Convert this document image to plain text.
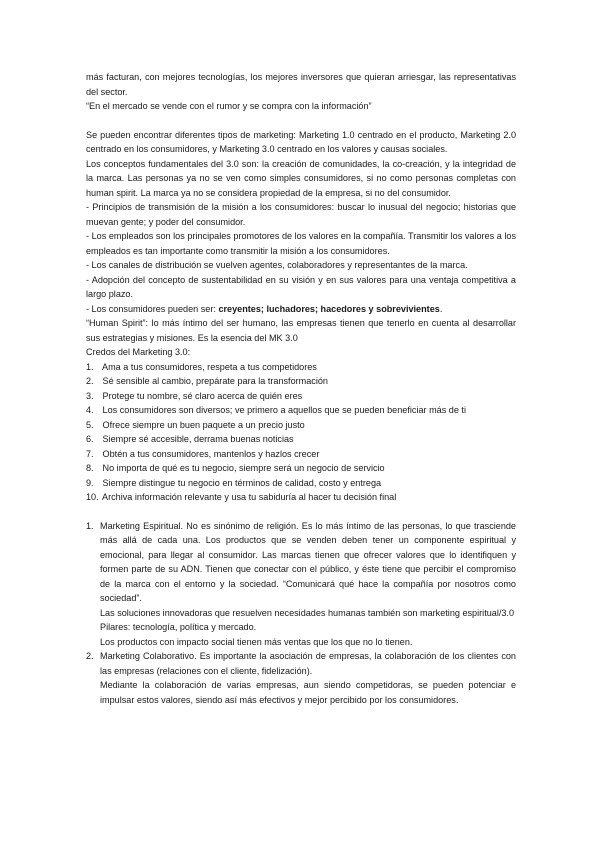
más facturan, con mejores tecnologías, los mejores inversores que quieran arriesgar, las representativas del sector.

“En el mercado se vende con el rumor y se compra con la información”

Se pueden encontrar diferentes tipos de marketing: Marketing 1.0 centrado en el producto, Marketing 2.0 centrado en los consumidores, y Marketing 3.0 centrado en los valores y causas sociales.

Los conceptos fundamentales del 3.0 son: la creación de comunidades, la co-creación, y la integridad de la marca. Las personas ya no se ven como simples consumidores, si no como personas completas con human spirit. La marca ya no se considera propiedad de la empresa, si no del consumidor.

- Principios de transmisión de la misión a los consumidores: buscar lo inusual del negocio; historias que muevan gente; y poder del consumidor.

- Los empleados son los principales promotores de los valores en la compañía. Transmitir los valores a los empleados es tan importante como transmitir la misión a los consumidores.

- Los canales de distribución se vuelven agentes, colaboradores y representantes de la marca.

- Adopción del concepto de sustentabilidad en su visión y en sus valores para una ventaja competitiva a largo plazo.

- Los consumidores pueden ser: creyentes; luchadores; hacedores y sobrevivientes.

“Human Spirit”: lo más íntimo del ser humano, las empresas tienen que tenerlo en cuenta al desarrollar sus estrategias y misiones. Es la esencia del MK 3.0

Credos del Marketing 3.0:

1. Ama a tus consumidores, respeta a tus competidores
2. Sé sensible al cambio, prepárate para la transformación
3. Protege tu nombre, sé claro acerca de quién eres
4. Los consumidores son diversos; ve primero a aquellos que se pueden beneficiar más de ti
5. Ofrece siempre un buen paquete a un precio justo
6. Siempre sé accesible, derrama buenas noticias
7. Obtén a tus consumidores, mantenlos y hazlos crecer
8. No importa de qué es tu negocio, siempre será un negocio de servicio
9. Siempre distingue tu negocio en términos de calidad, costo y entrega
10. Archiva información relevante y usa tu sabiduría al hacer tu decisión final
1. Marketing Espiritual. No es sinónimo de religión. Es lo más íntimo de las personas, lo que trasciende más allá de cada una. Los productos que se venden deben tener un componente espiritual y emocional, para llegar al consumidor. Las marcas tienen que ofrecer valores que lo identifiquen y formen parte de su ADN. Tienen que conectar con el público, y éste tiene que percibir el compromiso de la marca con el entorno y la sociedad. “Comunicará qué hace la compañía por nosotros como sociedad”.

Las soluciones innovadoras que resuelven necesidades humanas también son marketing espiritual/3.0

Pilares: tecnología, política y mercado.

Los productos con impacto social tienen más ventas que los que no lo tienen.

2. Marketing Colaborativo. Es importante la asociación de empresas, la colaboración de los clientes con las empresas (relaciones con el cliente, fidelización).

Mediante la colaboración de varias empresas, aun siendo competidoras, se pueden potenciar e impulsar estos valores, siendo así más efectivos y mejor percibido por los consumidores.
